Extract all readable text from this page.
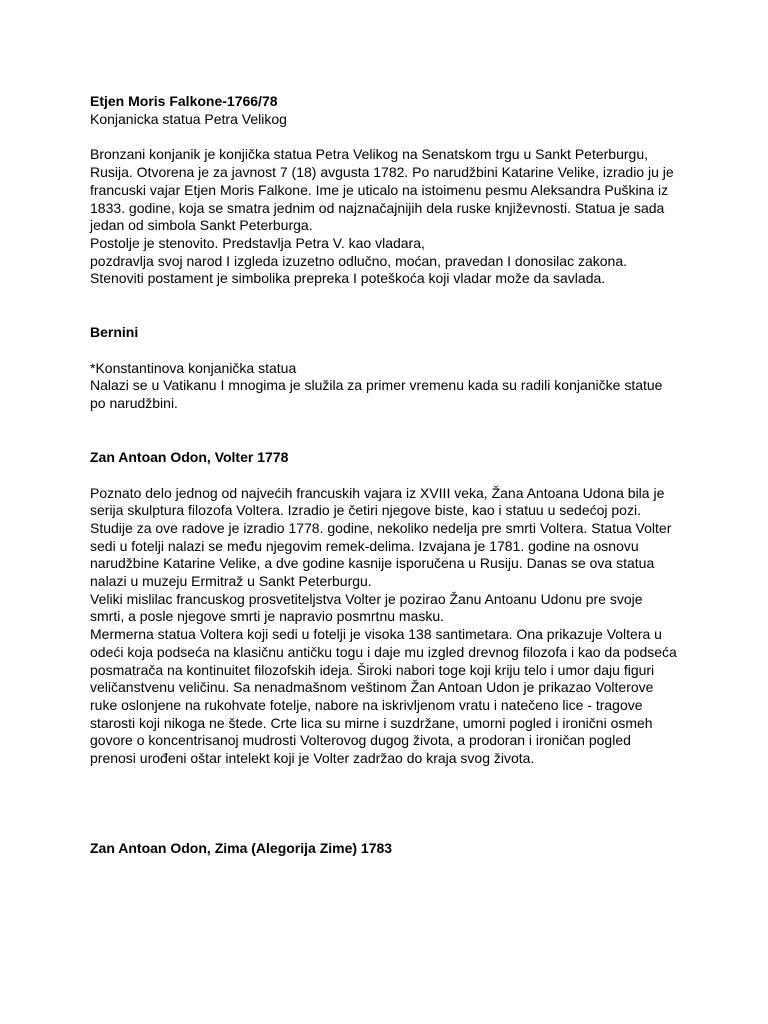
Etjen Moris Falkone-1766/78

Konjanicka statua Petra Velikog

Bronzani konjanik je konjička statua Petra Velikog na Senatskom trgu u Sankt Peterburgu, Rusija. Otvorena je za javnost 7 (18) avgusta 1782. Po narudžbini Katarine Velike, izradio ju je francuski vajar Etjen Moris Falkone. Ime je uticalo na istoimenu pesmu Aleksandra Puškina iz 1833. godine, koja se smatra jednim od najznačajnijih dela ruske književnosti. Statua je sada jedan od simbola Sankt Peterburga.

Postolje je stenovito. Predstavlja Petra V. kao vladara,

pozdravlja svoj narod I izgleda izuzetno odlučno, moćan, pravedan I donosilac zakona. Stenoviti postament je simbolika prepreka I poteškoća koji vladar može da savlada.

Bernini

*Konstantinova konjanička statua

Nalazi se u Vatikanu I mnogima je služila za primer vremenu kada su radili konjaničke statue po narudžbini.

Zan Antoan Odon, Volter 1778

Poznato delo jednog od najvećih francuskih vajara iz XVIII veka, Žana Antoana Udona bila je serija skulptura filozofa Voltera. Izradio je četiri njegove biste, kao i statuu u sedećoj pozi. Studije za ove radove je izradio 1778. godine, nekoliko nedelja pre smrti Voltera. Statua Volter sedi u fotelji nalazi se među njegovim remek-delima. Izvajana je 1781. godine na osnovu narudžbine Katarine Velike, a dve godine kasnije isporučena u Rusiju. Danas se ova statua nalazi u muzeju Ermitraž u Sankt Peterburgu.

Veliki mislilac francuskog prosvetiteljstva Volter je pozirao Žanu Antoanu Udonu pre svoje smrti, a posle njegove smrti je napravio posmrtnu masku.

Mermerna statua Voltera koji sedi u fotelji je visoka 138 santimetara. Ona prikazuje Voltera u odeći koja podseća na klasičnu antičku togu i daje mu izgled drevnog filozofa i kao da podseća posmatrača na kontinuitet filozofskih ideja. Široki nabori toge koji kriju telo i umor daju figuri veličanstvenu veličinu. Sa nenadmašnom veštinom Žan Antoan Udon je prikazao Volterove ruke oslonjene na rukohvate fotelje, nabore na iskrivljenom vratu i natečeno lice - tragove starosti koji nikoga ne štede. Crte lica su mirne i suzdržane, umorni pogled i ironični osmeh govore o koncentrisanoj mudrosti Volterovog dugog života, a prodoran i ironičan pogled prenosi urođeni oštar intelekt koji je Volter zadržao do kraja svog života.

Zan Antoan Odon, Zima (Alegorija Zime) 1783
